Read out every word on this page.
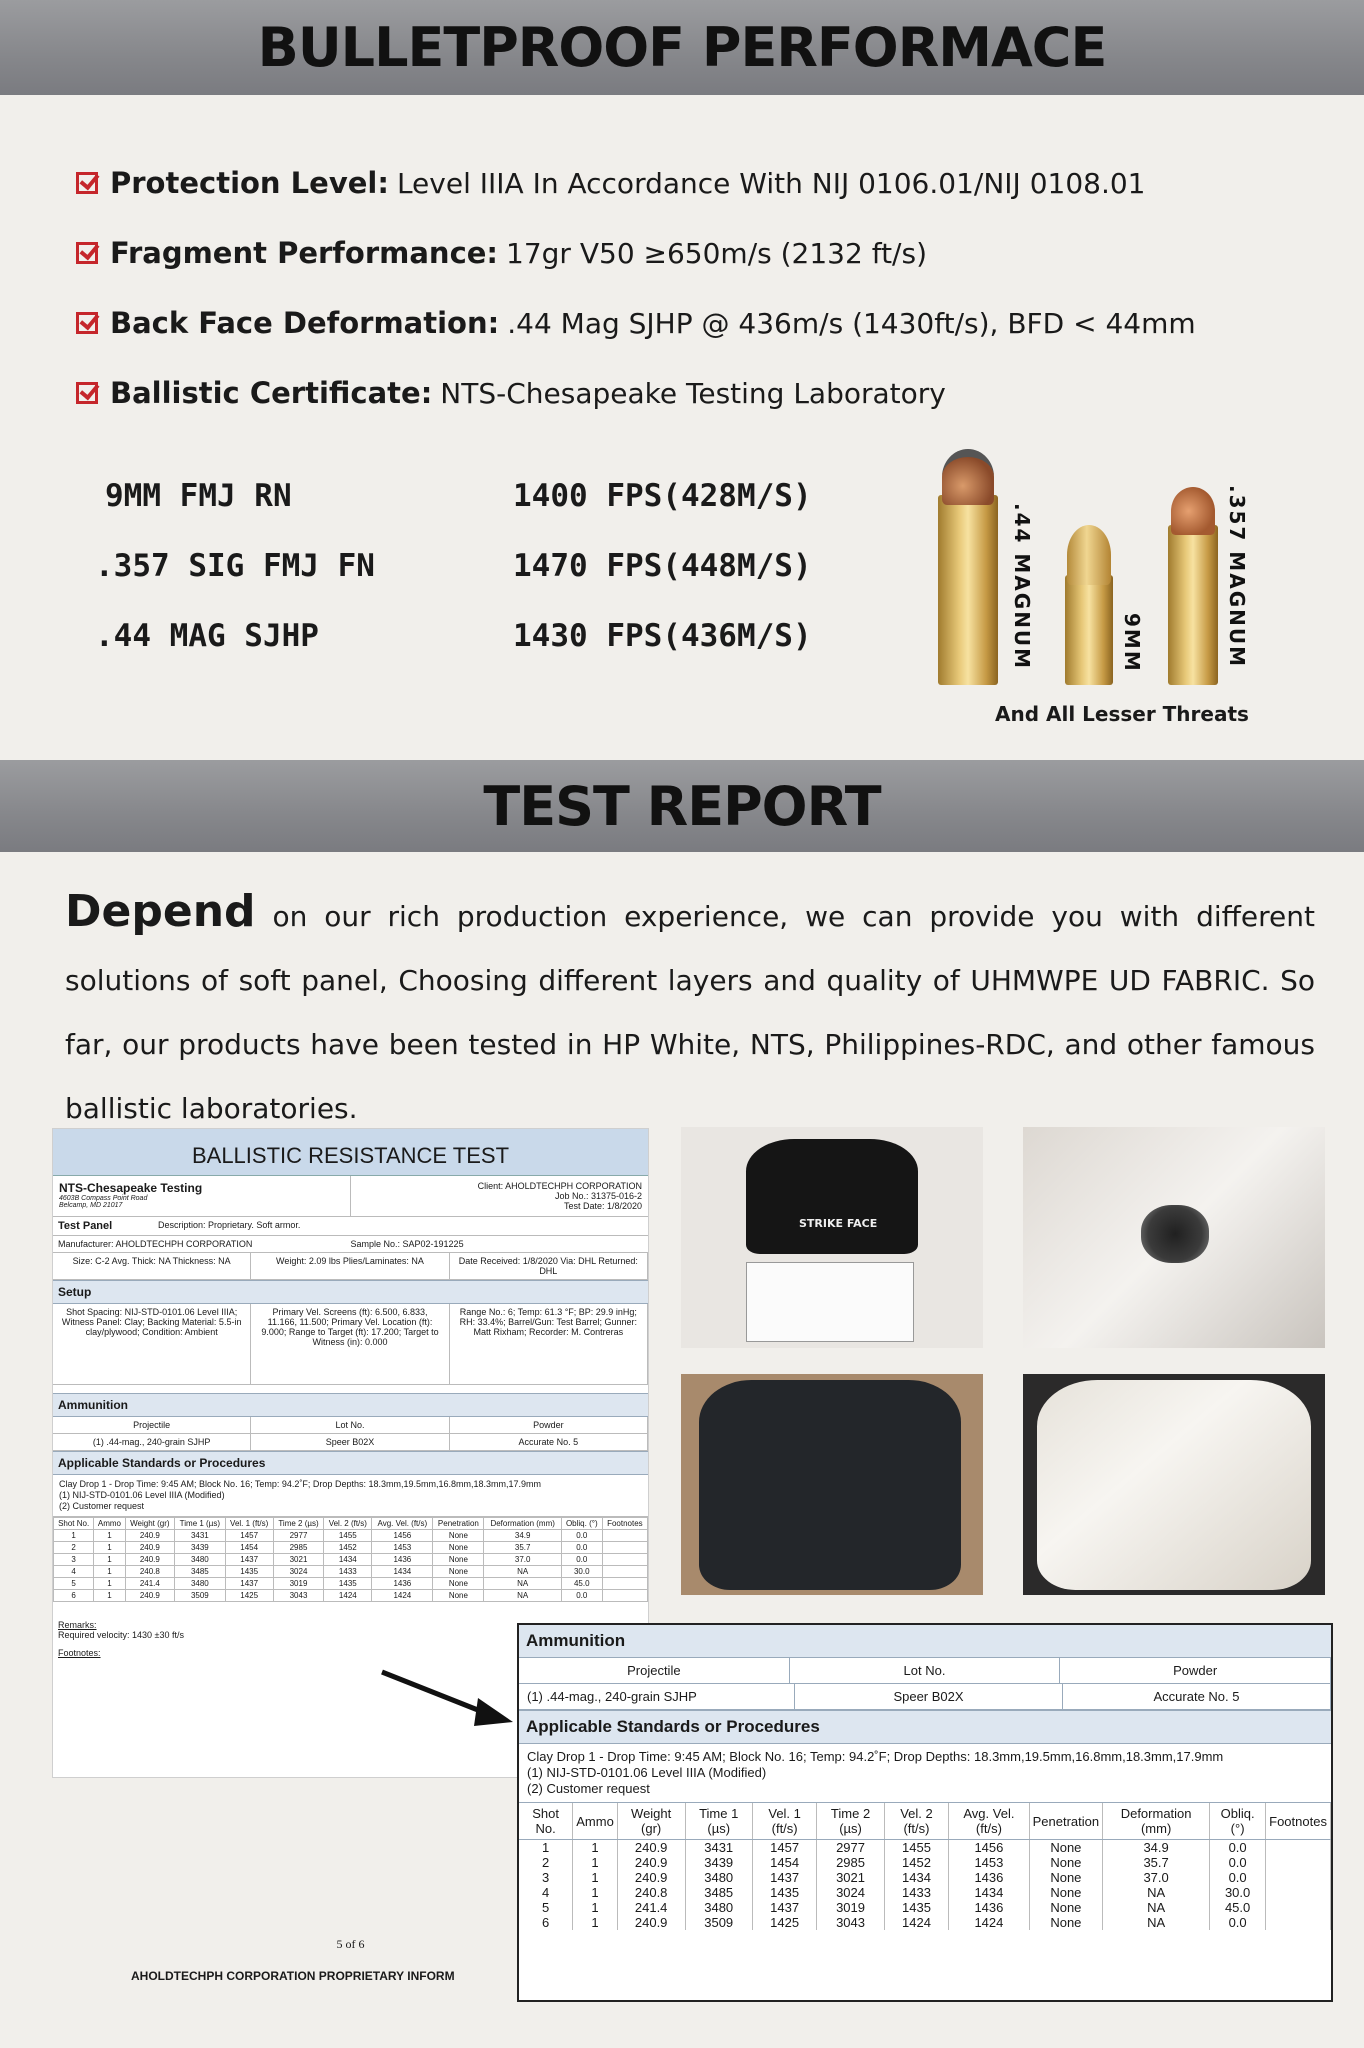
BULLETPROOF PERFORMACE
Protection Level: Level IIIA In Accordance With NIJ 0106.01/NIJ 0108.01
Fragment Performance: 17gr V50 ≥650m/s (2132 ft/s)
Back Face Deformation: .44 Mag SJHP @ 436m/s (1430ft/s), BFD < 44mm
Ballistic Certificate: NTS-Chesapeake Testing Laboratory
9MM FMJ RN	1400 FPS(428M/S)
.357 SIG FMJ FN	1470 FPS(448M/S)
.44 MAG SJHP	1430 FPS(436M/S)	.44 MAGNUM	9MM	.357 MAGNUM
And All Lesser Threats
TEST REPORT

Depend on our rich production experience, we can provide you with different solutions of soft panel, Choosing different layers and quality of UHMWPE UD FABRIC. So far, our products have been tested in HP White, NTS, Philippines-RDC, and other famous ballistic laboratories.

BALLISTIC RESISTANCE TEST
NTS-Chesapeake Testing
4603B Compass Point Road
Belcamp, MD 21017
Client: AHOLDTECHPH CORPORATION
Job No.: 31375-016-2
Test Date: 1/8/2020
Test Panel	Description: Proprietary. Soft armor.
Manufacturer: AHOLDTECHPH CORPORATION	Sample No.: SAP02-191225
Size: C-2 Avg. Thick: NA Thickness: NA	Weight: 2.09 lbs Plies/Laminates: NA	Date Received: 1/8/2020 Via: DHL Returned: DHL
Setup
Shot Spacing: NIJ-STD-0101.06 Level IIIA; Witness Panel: Clay; Backing Material: 5.5-in clay/plywood; Condition: Ambient
Primary Vel. Screens (ft): 6.500, 6.833, 11.166, 11.500; Primary Vel. Location (ft): 9.000; Range to Target (ft): 17.200; Target to Witness (in): 0.000
Range No.: 6; Temp: 61.3 °F; BP: 29.9 inHg; RH: 33.4%; Barrel/Gun: Test Barrel; Gunner: Matt Rixham; Recorder: M. Contreras
Ammunition
Projectile	Lot No.	Powder
(1) .44-mag., 240-grain SJHP	Speer B02X	Accurate No. 5
Applicable Standards or Procedures
Clay Drop 1 - Drop Time: 9:45 AM; Block No. 16; Temp: 94.2˚F; Drop Depths: 18.3mm,19.5mm,16.8mm,18.3mm,17.9mm
(1) NIJ-STD-0101.06 Level IIIA (Modified)
(2) Customer request
Shot No.	Ammo	Weight (gr)	Time 1 (µs)	Vel. 1 (ft/s)	Time 2 (µs)	Vel. 2 (ft/s)	Avg. Vel. (ft/s)	Penetration	Deformation (mm)	Obliq. (°)	Footnotes
1	1	240.9	3431	1457	2977	1455	1456	None	34.9	0.0	
2	1	240.9	3439	1454	2985	1452	1453	None	35.7	0.0	
3	1	240.9	3480	1437	3021	1434	1436	None	37.0	0.0	
4	1	240.8	3485	1435	3024	1433	1434	None	NA	30.0	
5	1	241.4	3480	1437	3019	1435	1436	None	NA	45.0	
6	1	240.9	3509	1425	3043	1424	1424	None	NA	0.0	
Remarks:
Required velocity: 1430 ±30 ft/s
Footnotes:
5 of 6
AHOLDTECHPH CORPORATION PROPRIETARY INFORM
STRIKE FACE
Ammunition
Projectile	Lot No.	Powder
(1) .44-mag., 240-grain SJHP	Speer B02X	Accurate No. 5
Applicable Standards or Procedures
Clay Drop 1 - Drop Time: 9:45 AM; Block No. 16; Temp: 94.2˚F; Drop Depths: 18.3mm,19.5mm,16.8mm,18.3mm,17.9mm
(1) NIJ-STD-0101.06 Level IIIA (Modified)
(2) Customer request
Shot No.	Ammo	Weight (gr)	Time 1 (µs)	Vel. 1 (ft/s)	Time 2 (µs)	Vel. 2 (ft/s)	Avg. Vel. (ft/s)	Penetration	Deformation (mm)	Obliq. (°)	Footnotes
1	1	240.9	3431	1457	2977	1455	1456	None	34.9	0.0	
2	1	240.9	3439	1454	2985	1452	1453	None	35.7	0.0	
3	1	240.9	3480	1437	3021	1434	1436	None	37.0	0.0	
4	1	240.8	3485	1435	3024	1433	1434	None	NA	30.0	
5	1	241.4	3480	1437	3019	1435	1436	None	NA	45.0	
6	1	240.9	3509	1425	3043	1424	1424	None	NA	0.0	
